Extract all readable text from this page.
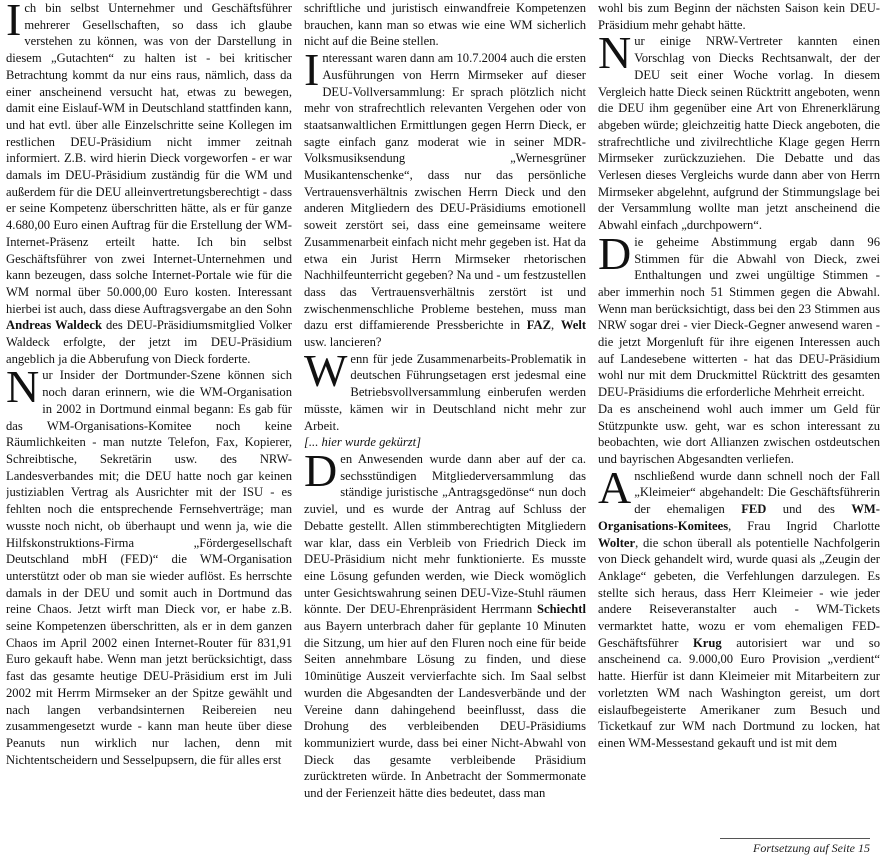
Ich bin selbst Unternehmer und Geschäftsführer mehrerer Gesellschaften, so dass ich glaube verstehen zu können, was von der Darstellung in diesem „Gutachten“ zu halten ist - bei kritischer Betrachtung kommt da nur eins raus, nämlich, dass da einer anscheinend versucht hat, etwas zu bewegen, damit eine Eislauf-WM in Deutschland stattfinden kann, und hat evtl. über alle Einzelschritte seine Kollegen im restlichen DEU-Präsidium nicht immer zeitnah informiert. Z.B. wird hierin Dieck vorgeworfen - er war damals im DEU-Präsidium zuständig für die WM und außerdem für die DEU alleinvertretungsberechtigt - dass er seine Kompetenz überschritten hätte, als er für ganze 4.680,00 Euro einen Auftrag für die Erstellung der WM-Internet-Präsenz erteilt hatte. Ich bin selbst Geschäftsführer von zwei Internet-Unternehmen und kann bezeugen, dass solche Internet-Portale wie für die WM normal über 50.000,00 Euro kosten. Interessant hierbei ist auch, dass diese Auftragsvergabe an den Sohn Andreas Waldeck des DEU-Präsidiumsmitglied Volker Waldeck erfolgte, der jetzt im DEU-Präsidium angeblich ja die Abberufung von Dieck forderte.

Nur Insider der Dortmunder-Szene können sich noch daran erinnern, wie die WM-Organisation in 2002 in Dortmund einmal begann: Es gab für das WM-Organisations-Komitee noch keine Räumlichkeiten - man nutzte Telefon, Fax, Kopierer, Schreibtische, Sekretärin usw. des NRW-Landesverbandes mit; die DEU hatte noch gar keinen justiziablen Vertrag als Ausrichter mit der ISU - es fehlten noch die entsprechende Fernsehverträge; man wusste noch nicht, ob überhaupt und wenn ja, wie die Hilfskonstruktions-Firma „Fördergesellschaft Deutschland mbH (FED)“ die WM-Organisation unterstützt oder ob man sie wieder auflöst. Es herrschte damals in der DEU und somit auch in Dortmund das reine Chaos. Jetzt wirft man Dieck vor, er habe z.B. seine Kompetenzen überschritten, als er in dem ganzen Chaos im April 2002 einen Internet-Router für 831,91 Euro gekauft habe. Wenn man jetzt berücksichtigt, dass fast das gesamte heutige DEU-Präsidium erst im Juli 2002 mit Herrm Mirmseker an der Spitze gewählt und nach langen verbandsinternen Reibereien neu zusammengesetzt wurde - kann man heute über diese Peanuts nun wirklich nur lachen, denn mit Nichtentscheidern und Sesselpupsern, die für alles erst

schriftliche und juristisch einwandfreie Kompetenzen brauchen, kann man so etwas wie eine WM sicherlich nicht auf die Beine stellen.

Interessant waren dann am 10.7.2004 auch die ersten Ausführungen von Herrn Mirmseker auf dieser DEU-Vollversammlung: Er sprach plötzlich nicht mehr von strafrechtlich relevanten Vergehen oder von staatsanwaltlichen Ermittlungen gegen Herrn Dieck, er sagte einfach ganz moderat wie in seiner MDR-Volksmusiksendung „Wernesgrüner Musikantenschenke“, dass nur das persönliche Vertrauensverhältnis zwischen Herrn Dieck und den anderen Mitgliedern des DEU-Präsidiums emotionell soweit zerstört sei, dass eine gemeinsame weitere Zusammenarbeit einfach nicht mehr gegeben ist. Hat da etwa ein Jurist Herrn Mirmseker rhetorischen Nachhilfeunterricht gegeben? Na und - um festzustellen dass das Vertrauensverhältnis zerstört ist und zwischenmenschliche Probleme bestehen, muss man dazu erst diffamierende Pressberichte in FAZ, Welt usw. lancieren?

Wenn für jede Zusammenarbeits-Problematik in deutschen Führungsetagen erst jedesmal eine Betriebsvollversammlung einberufen werden müsste, kämen wir in Deutschland nicht mehr zur Arbeit.

[... hier wurde gekürzt]

Den Anwesenden wurde dann aber auf der ca. sechsstündigen Mitgliederversammlung das ständige juristische „Antragsgedönse“ nun doch zuviel, und es wurde der Antrag auf Schluss der Debatte gestellt. Allen stimmberechtigten Mitgliedern war klar, dass ein Verbleib von Friedrich Dieck im DEU-Präsidium nicht mehr funktionierte. Es musste eine Lösung gefunden werden, wie Dieck womöglich unter Gesichtswahrung seinen DEU-Vize-Stuhl räumen könnte. Der DEU-Ehrenpräsident Herrmann Schiechtl aus Bayern unterbrach daher für geplante 10 Minuten die Sitzung, um hier auf den Fluren noch eine für beide Seiten annehmbare Lösung zu finden, und diese 10minütige Auszeit vervierfachte sich. Im Saal selbst wurden die Abgesandten der Landesverbände und der Vereine dann dahingehend beeinflusst, dass die Drohung des verbleibenden DEU-Präsidiums kommuniziert wurde, dass bei einer Nicht-Abwahl von Dieck das gesamte verbleibende Präsidium zurücktreten würde. In Anbetracht der Sommermonate und der Ferienzeit hätte dies bedeutet, dass man

wohl bis zum Beginn der nächsten Saison kein DEU-Präsidium mehr gehabt hätte.

Nur einige NRW-Vertreter kannten einen Vorschlag von Diecks Rechtsanwalt, der der DEU seit einer Woche vorlag. In diesem Vergleich hatte Dieck seinen Rücktritt angeboten, wenn die DEU ihm gegenüber eine Art von Ehrenerklärung abgeben würde; gleichzeitig hatte Dieck angeboten, die strafrechtliche und zivilrechtliche Klage gegen Herrn Mirmseker zurückzuziehen. Die Debatte und das Verlesen dieses Vergleichs wurde dann aber von Herrn Mirmseker abgelehnt, aufgrund der Stimmungslage bei der Versammlung wollte man jetzt anscheinend die Abwahl einfach „durchpowern“.

Die geheime Abstimmung ergab dann 96 Stimmen für die Abwahl von Dieck, zwei Enthaltungen und zwei ungültige Stimmen - aber immerhin noch 51 Stimmen gegen die Abwahl. Wenn man berücksichtigt, dass bei den 23 Stimmen aus NRW sogar drei - vier Dieck-Gegner anwesend waren - die jetzt Morgenluft für ihre eigenen Interessen auch auf Landesebene witterten - hat das DEU-Präsidium wohl nur mit dem Druckmittel Rücktritt des gesamten DEU-Präsidiums die erforderliche Mehrheit erreicht.

Da es anscheinend wohl auch immer um Geld für Stützpunkte usw. geht, war es schon interessant zu beobachten, wie dort Allianzen zwischen ostdeutschen und bayrischen Abgesandten verliefen.

Anschließend wurde dann schnell noch der Fall „Kleimeier“ abgehandelt: Die Geschäftsführerin der ehemaligen FED und des WM-Organisations-Komitees, Frau Ingrid Charlotte Wolter, die schon überall als potentielle Nachfolgerin von Dieck gehandelt wird, wurde quasi als „Zeugin der Anklage“ gebeten, die Verfehlungen darzulegen. Es stellte sich heraus, dass Herr Kleimeier - wie jeder andere Reiseveranstalter auch - WM-Tickets vermarktet hatte, wozu er vom ehemaligen FED-Geschäftsführer Krug autorisiert war und so anscheinend ca. 9.000,00 Euro Provision „verdient“ hatte. Hierfür ist dann Kleimeier mit Mitarbeitern zur vorletzten WM nach Washington gereist, um dort eislaufbegeisterte Amerikaner zum Besuch und Ticketkauf zur WM nach Dortmund zu locken, hat einen WM-Messestand gekauft und ist mit dem

Fortsetzung auf Seite 15
